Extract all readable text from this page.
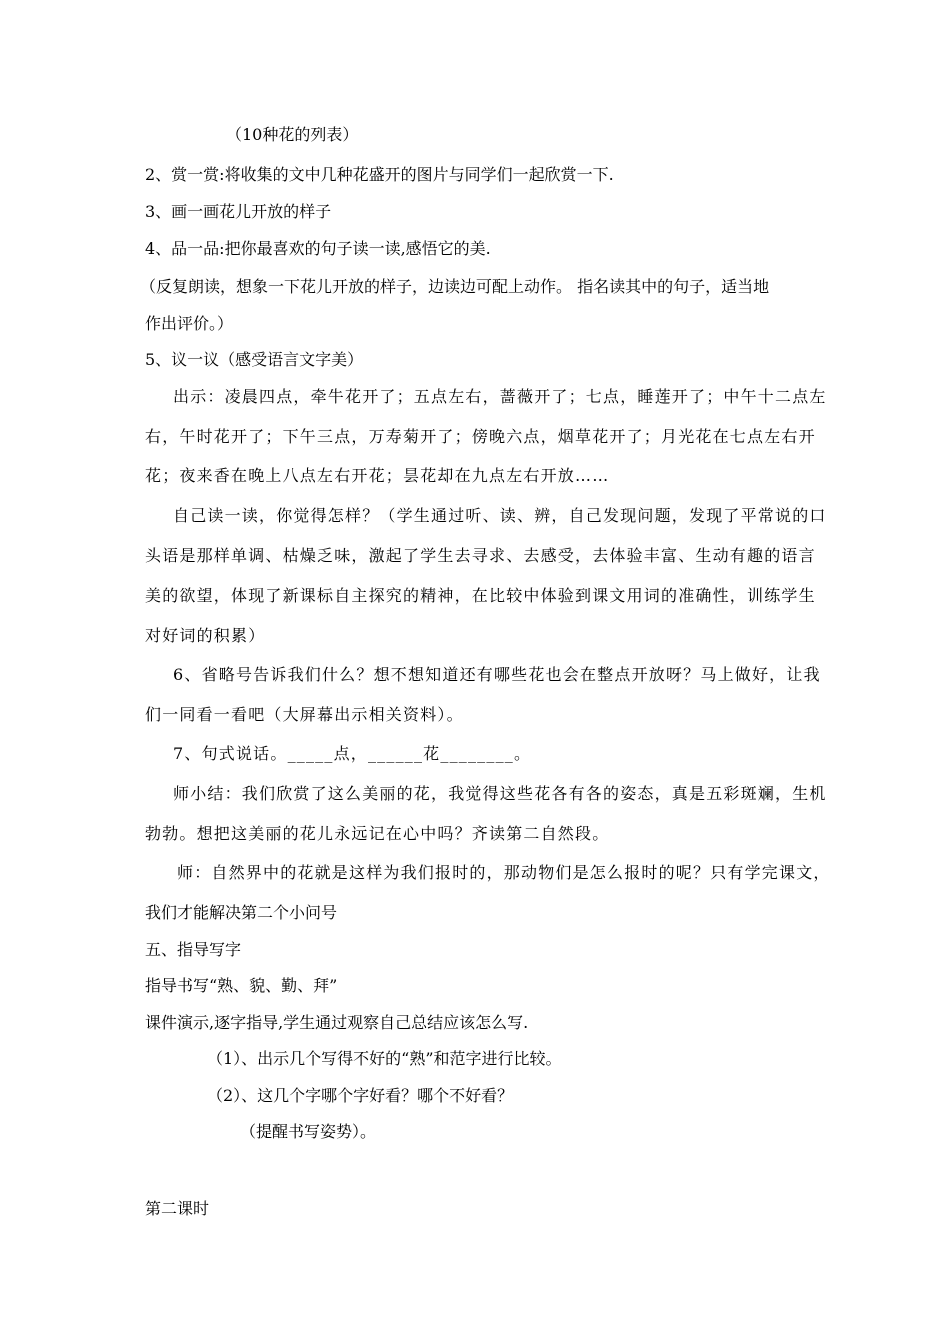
（10种花的列表）
2、赏一赏:将收集的文中几种花盛开的图片与同学们一起欣赏一下.
3、画一画花儿开放的样子
4、品一品:把你最喜欢的句子读一读,感悟它的美.
（反复朗读，想象一下花儿开放的样子，边读边可配上动作。 指名读其中的句子，适当地
作出评价。）
5、议一议（感受语言文字美）
出示：凌晨四点，牵牛花开了；五点左右，蔷薇开了；七点，睡莲开了；中午十二点左
右，午时花开了；下午三点，万寿菊开了；傍晚六点，烟草花开了；月光花在七点左右开
花；夜来香在晚上八点左右开花；昙花却在九点左右开放……
自己读一读，你觉得怎样？（学生通过听、读、辨，自己发现问题，发现了平常说的口
头语是那样单调、枯燥乏味，激起了学生去寻求、去感受，去体验丰富、生动有趣的语言
美的欲望，体现了新课标自主探究的精神，在比较中体验到课文用词的准确性，训练学生
对好词的积累）
6、省略号告诉我们什么？想不想知道还有哪些花也会在整点开放呀？马上做好，让我
们一同看一看吧（大屏幕出示相关资料）。
7、句式说话。_____点，______花________。
师小结：我们欣赏了这么美丽的花，我觉得这些花各有各的姿态，真是五彩斑斓，生机
勃勃。想把这美丽的花儿永远记在心中吗？齐读第二自然段。
师：自然界中的花就是这样为我们报时的，那动物们是怎么报时的呢？只有学完课文，
我们才能解决第二个小问号
五、指导写字
指导书写“熟、貌、勤、拜”
课件演示,逐字指导,学生通过观察自己总结应该怎么写.
（1）、出示几个写得不好的“熟”和范字进行比较。
（2）、这几个字哪个字好看？哪个不好看？
（提醒书写姿势）。
第二课时
